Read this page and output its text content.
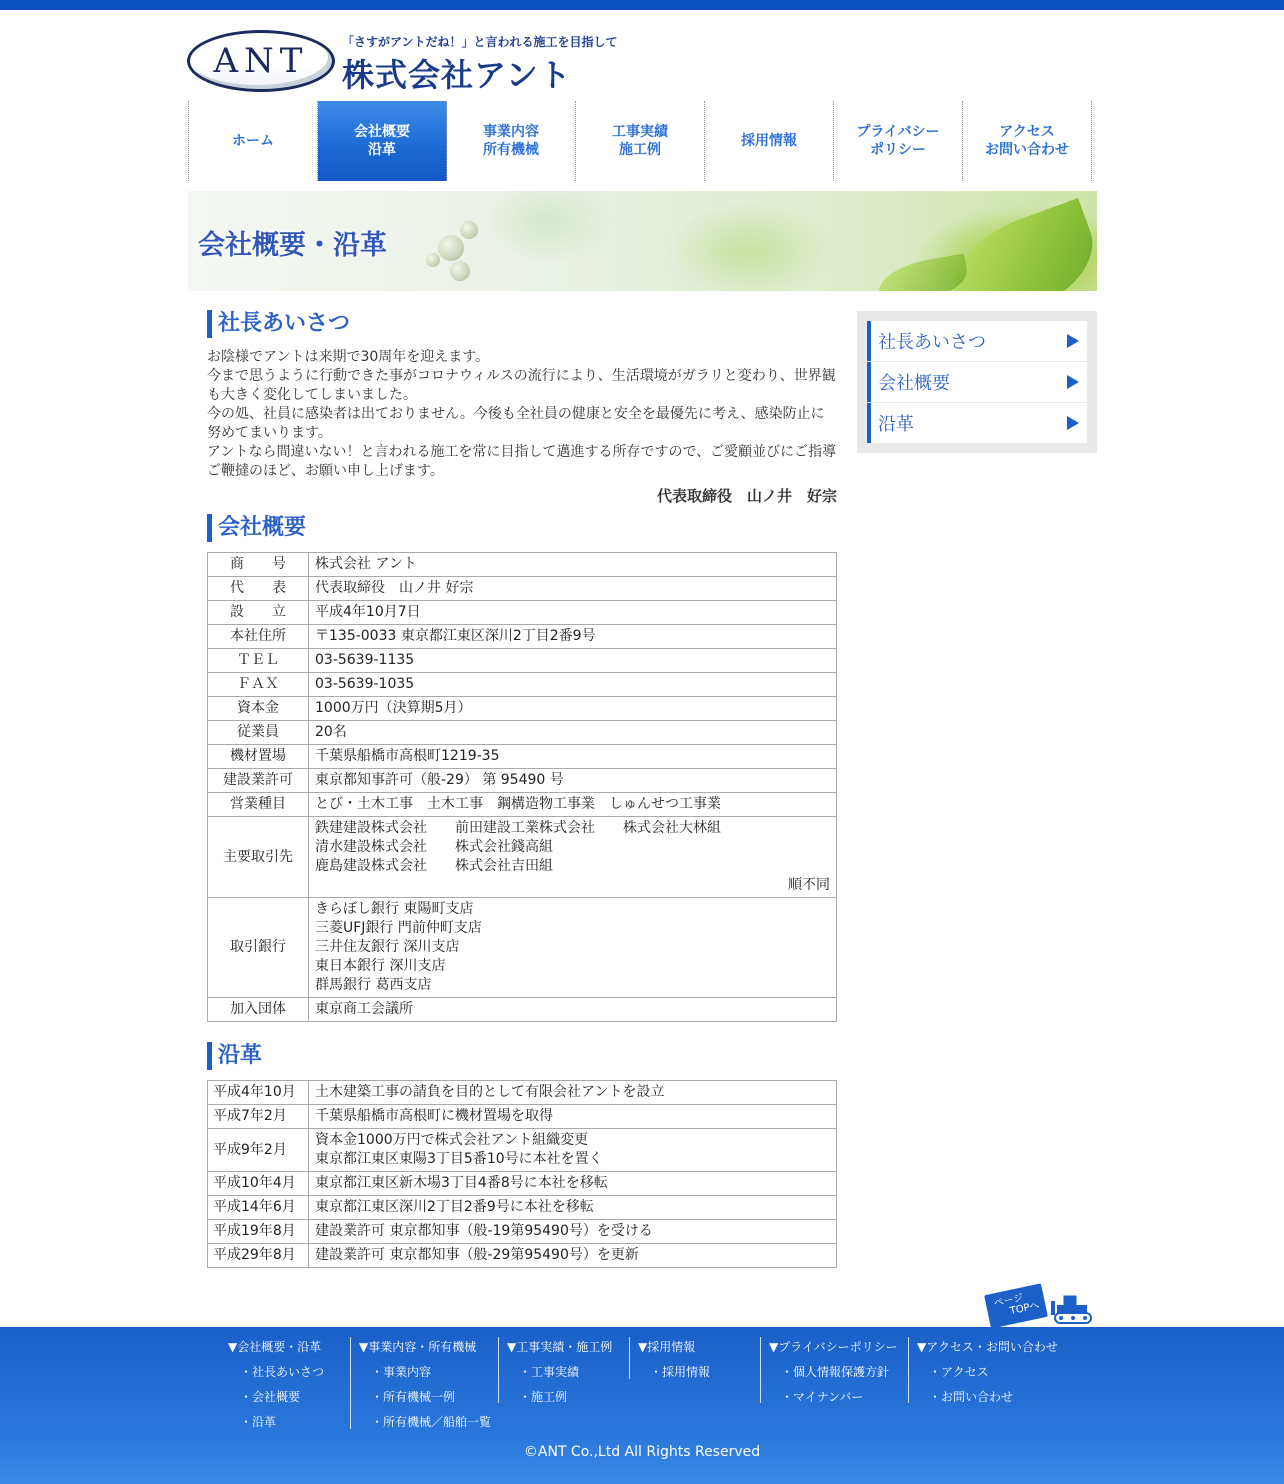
ANT	「さすがアントだね！」と言われる施工を目指して
株式会社アント
ホーム
会社概要
沿革
事業内容
所有機械
工事実績
施工例
採用情報
プライバシー
ポリシー
アクセス
お問い合わせ
会社概要・沿革
社長あいさつ

お陰様でアントは来期で30周年を迎えます。

今まで思うように行動できた事がコロナウィルスの流行により、生活環境がガラリと変わり、世界観も大きく変化してしまいました。

今の処、社員に感染者は出ておりません。今後も全社員の健康と安全を最優先に考え、感染防止に努めてまいります。

アントなら間違いない！と言われる施工を常に目指して邁進する所存ですので、ご愛顧並びにご指導ご鞭撻のほど、お願い申し上げます。

代表取締役　山ノ井　好宗
会社概要
商　　号	株式会社 アント
代　　表	代表取締役　山ノ井 好宗
設　　立	平成4年10月7日
本社住所	〒135-0033 東京都江東区深川2丁目2番9号
ＴＥＬ	03-5639-1135
ＦＡＸ	03-5639-1035
資本金	1000万円（決算期5月）
従業員	20名
機材置場	千葉県船橋市高根町1219-35
建設業許可	東京都知事許可（般-29） 第 95490 号
営業種目	とび・土木工事　土木工事　鋼構造物工事業　しゅんせつ工事業
主要取引先	鉄建建設株式会社　　前田建設工業株式会社　　株式会社大林組
清水建設株式会社　　株式会社錢高組
鹿島建設株式会社　　株式会社吉田組
順不同

取引銀行	きらぼし銀行 東陽町支店
三菱UFJ銀行 門前仲町支店
三井住友銀行 深川支店
東日本銀行 深川支店
群馬銀行 葛西支店

加入団体	東京商工会議所
沿革
平成4年10月	土木建築工事の請負を目的として有限会社アントを設立

平成7年2月	千葉県船橋市高根町に機材置場を取得

平成9年2月	資本金1000万円で株式会社アント組織変更
東京都江東区東陽3丁目5番10号に本社を置く

平成10年4月	東京都江東区新木場3丁目4番8号に本社を移転

平成14年6月	東京都江東区深川2丁目2番9号に本社を移転

平成19年8月	建設業許可 東京都知事（般-19第95490号）を受ける

平成29年8月	建設業許可 東京都知事（般-29第95490号）を更新
社長あいさつ
会社概要
沿革
ページ
TOPへ
▼会社概要・沿革
・社長あいさつ
・会社概要
・沿革
▼事業内容・所有機械
・事業内容
・所有機械一例
・所有機械／船舶一覧
▼工事実績・施工例
・工事実績
・施工例
▼採用情報
・採用情報
▼プライバシーポリシー
・個人情報保護方針
・マイナンバー
▼アクセス・お問い合わせ
・アクセス
・お問い合わせ
©ANT Co.,Ltd All Rights Reserved
